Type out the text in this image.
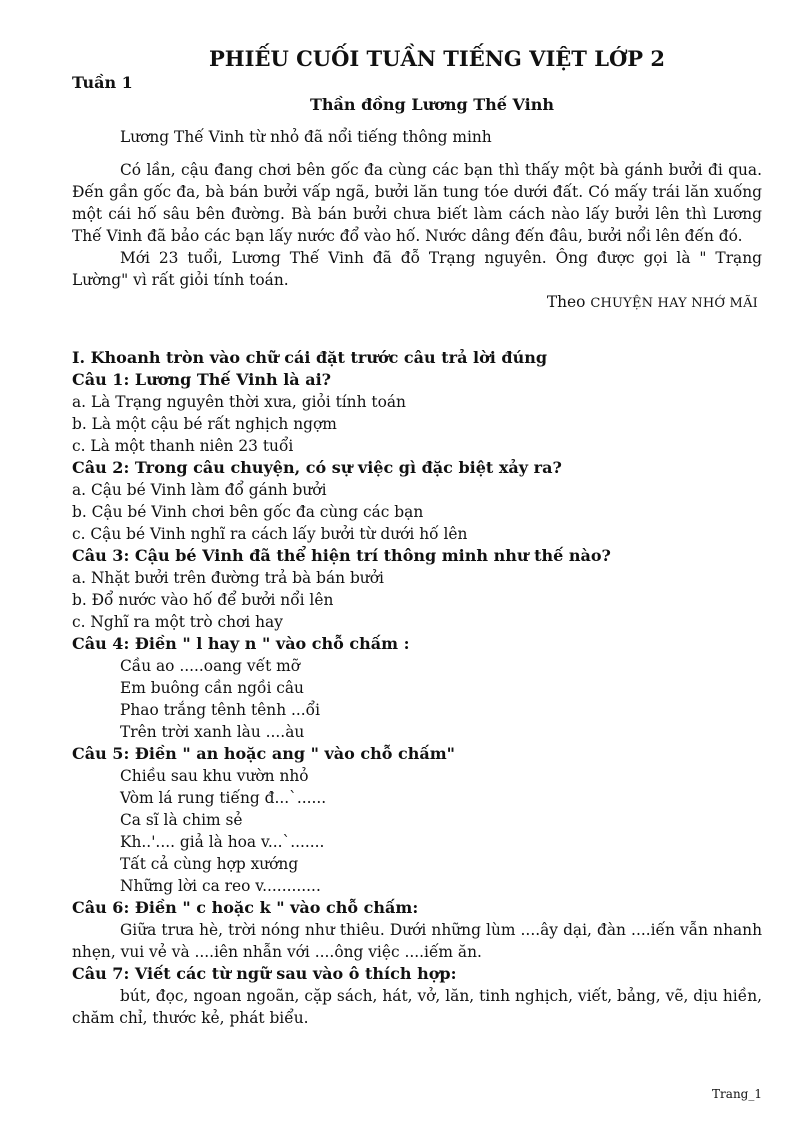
PHIẾU CUỐI TUẦN TIẾNG VIỆT LỚP 2
Tuần 1
Thần đồng Lương Thế Vinh

Lương Thế Vinh từ nhỏ đã nổi tiếng thông minh

Có lần, cậu đang chơi bên gốc đa cùng các bạn thì thấy một bà gánh bưởi đi qua. Đến gần gốc đa, bà bán bưởi vấp ngã, bưởi lăn tung tóe dưới đất. Có mấy trái lăn xuống một cái hố sâu bên đường. Bà bán bưởi chưa biết làm cách nào lấy bưởi lên thì Lương Thế Vinh đã bảo các bạn lấy nước đổ vào hố. Nước dâng đến đâu, bưởi nổi lên đến đó.

Mới 23 tuổi, Lương Thế Vinh đã đỗ Trạng nguyên. Ông được gọi là " Trạng Lường" vì rất giỏi tính toán.

Theo CHUYỆN HAY NHỚ MÃI
I. Khoanh tròn vào chữ cái đặt trước câu trả lời đúng
Câu 1: Lương Thế Vinh là ai?
a. Là Trạng nguyên thời xưa, giỏi tính toán
b. Là một cậu bé rất nghịch ngợm
c. Là một thanh niên 23 tuổi
Câu 2: Trong câu chuyện, có sự việc gì đặc biệt xảy ra?
a. Cậu bé Vinh làm đổ gánh bưởi
b. Cậu bé Vinh chơi bên gốc đa cùng các bạn
c. Cậu bé Vinh nghĩ ra cách lấy bưởi từ dưới hố lên
Câu 3: Cậu bé Vinh đã thể hiện trí thông minh như thế nào?
a. Nhặt bưởi trên đường trả bà bán bưởi
b. Đổ nước vào hố để bưởi nổi lên
c. Nghĩ ra một trò chơi hay
Câu 4: Điền " l hay n " vào chỗ chấm :
Cầu ao .....oang vết mỡ
Em buông cần ngồi câu
Phao trắng tênh tênh ...ổi
Trên trời xanh làu ....àu
Câu 5: Điền " an hoặc ang " vào chỗ chấm"
Chiều sau khu vườn nhỏ
Vòm lá rung tiếng đ...`......
Ca sĩ là chim sẻ
Kh..'.... giả là hoa v...`.......
Tất cả cùng hợp xướng
Những lời ca reo v............
Câu 6: Điền " c hoặc k " vào chỗ chấm:

Giữa trưa hè, trời nóng như thiêu. Dưới những lùm ....ây dại, đàn ....iến vẫn nhanh nhẹn, vui vẻ và ....iên nhẫn với ....ông việc ....iếm ăn.

Câu 7: Viết các từ ngữ sau vào ô thích hợp:

bút, đọc, ngoan ngoãn, cặp sách, hát, vở, lăn, tinh nghịch, viết, bảng, vẽ, dịu hiền, chăm chỉ, thước kẻ, phát biểu.

Trang_1
